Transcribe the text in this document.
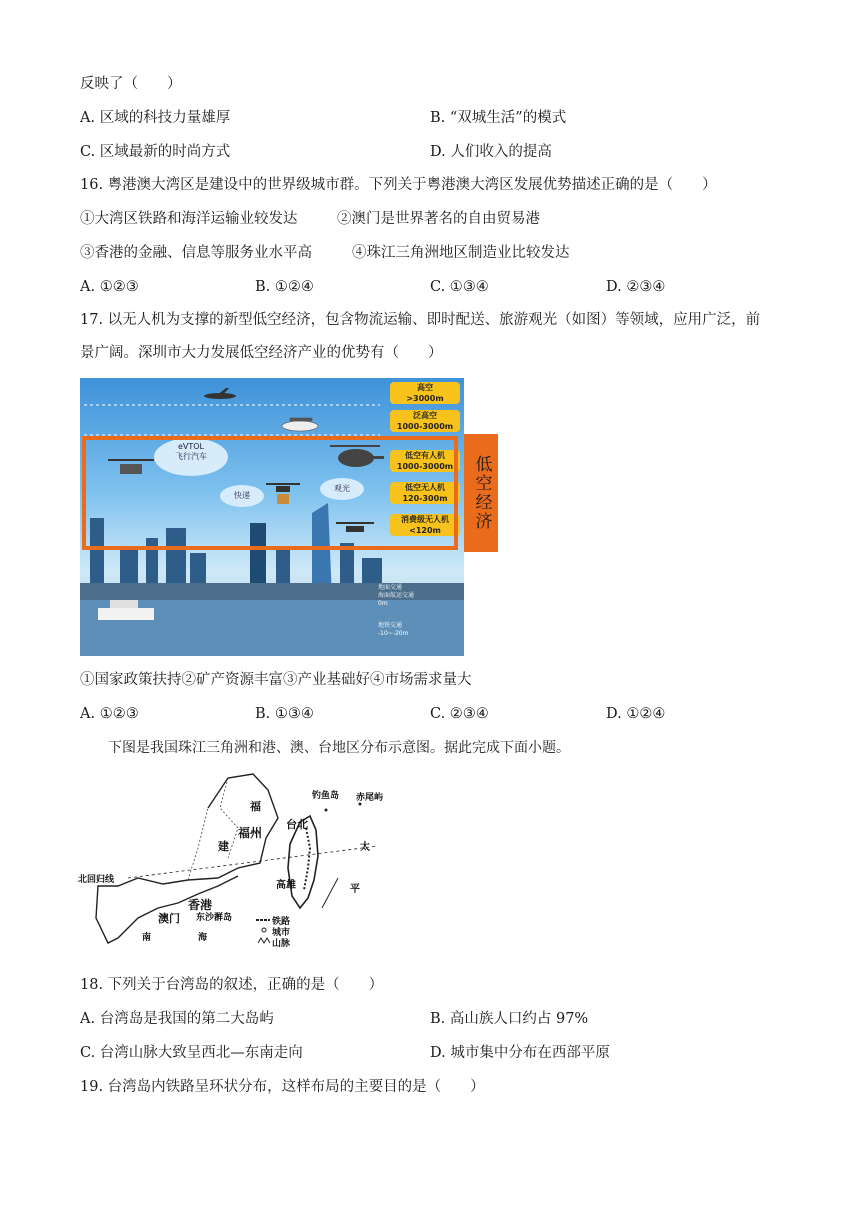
反映了（　　）
A. 区域的科技力量雄厚	B. “双城生活”的模式
C. 区域最新的时尚方式	D. 人们收入的提高
16. 粤港澳大湾区是建设中的世界级城市群。下列关于粤港澳大湾区发展优势描述正确的是（　　）
①大湾区铁路和海洋运输业较发达	②澳门是世界著名的自由贸易港
③香港的金融、信息等服务业水平高	④珠江三角洲地区制造业比较发达
A. ①②③	B. ①②④	C. ①③④	D. ②③④
17. 以无人机为支撑的新型低空经济，包含物流运输、即时配送、旅游观光（如图）等领域，应用广泛，前
景广阔。深圳市大力发展低空经济产业的优势有（　　）
高空
>3000m
泛高空
1000-3000m
低空有人机
1000-3000m
低空无人机
120-300m
消费级无人机
<120m
eVTOL
飞行汽车
快递
观光
地面交通
海面航运交通
0m
地铁交通
-10~-20m
低空经济
①国家政策扶持②矿产资源丰富③产业基础好④市场需求量大
A. ①②③	B. ①③④	C. ②③④	D. ①②④
下图是我国珠江三角洲和港、澳、台地区分布示意图。据此完成下面小题。
福
建
福州
台北
钓鱼岛 赤尾屿
太
平
高雄
北回归线
香港
澳门 东沙群岛
南	海
铁路
城市
山脉
18. 下列关于台湾岛的叙述，正确的是（　　）
A. 台湾岛是我国的第二大岛屿	B. 高山族人口约占 97%
C. 台湾山脉大致呈西北—东南走向	D. 城市集中分布在西部平原
19. 台湾岛内铁路呈环状分布，这样布局的主要目的是（　　）
